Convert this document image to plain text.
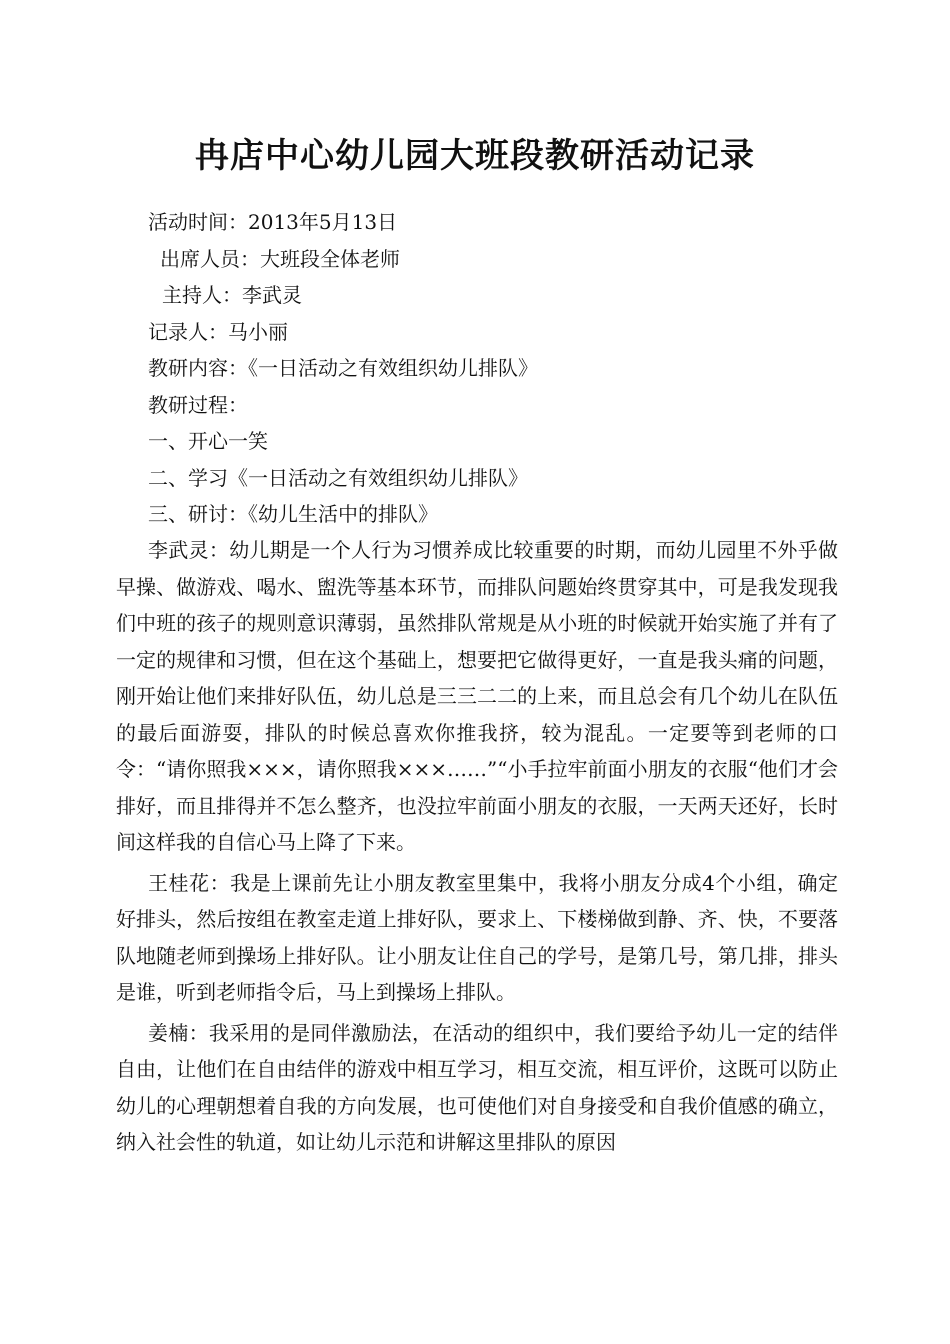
冉店中心幼儿园大班段教研活动记录
活动时间：2013年5月13日
出席人员：大班段全体老师
主持人：李武灵
记录人：马小丽
教研内容：《一日活动之有效组织幼儿排队》
教研过程：
一、开心一笑
二、学习《一日活动之有效组织幼儿排队》
三、研讨：《幼儿生活中的排队》

李武灵：幼儿期是一个人行为习惯养成比较重要的时期，而幼儿园里不外乎做早操、做游戏、喝水、盥洗等基本环节，而排队问题始终贯穿其中，可是我发现我们中班的孩子的规则意识薄弱，虽然排队常规是从小班的时候就开始实施了并有了一定的规律和习惯，但在这个基础上，想要把它做得更好，一直是我头痛的问题，刚开始让他们来排好队伍，幼儿总是三三二二的上来，而且总会有几个幼儿在队伍的最后面游耍，排队的时候总喜欢你推我挤，较为混乱。一定要等到老师的口令：“请你照我×××，请你照我×××……”“小手拉牢前面小朋友的衣服“他们才会排好，而且排得并不怎么整齐，也没拉牢前面小朋友的衣服，一天两天还好，长时间这样我的自信心马上降了下来。

王桂花：我是上课前先让小朋友教室里集中，我将小朋友分成4个小组，确定好排头，然后按组在教室走道上排好队，要求上、下楼梯做到静、齐、快，不要落队地随老师到操场上排好队。让小朋友让住自己的学号，是第几号，第几排，排头是谁，听到老师指令后，马上到操场上排队。

姜楠：我采用的是同伴激励法，在活动的组织中，我们要给予幼儿一定的结伴自由，让他们在自由结伴的游戏中相互学习，相互交流，相互评价，这既可以防止幼儿的心理朝想着自我的方向发展，也可使他们对自身接受和自我价值感的确立，纳入社会性的轨道，如让幼儿示范和讲解这里排队的原因
